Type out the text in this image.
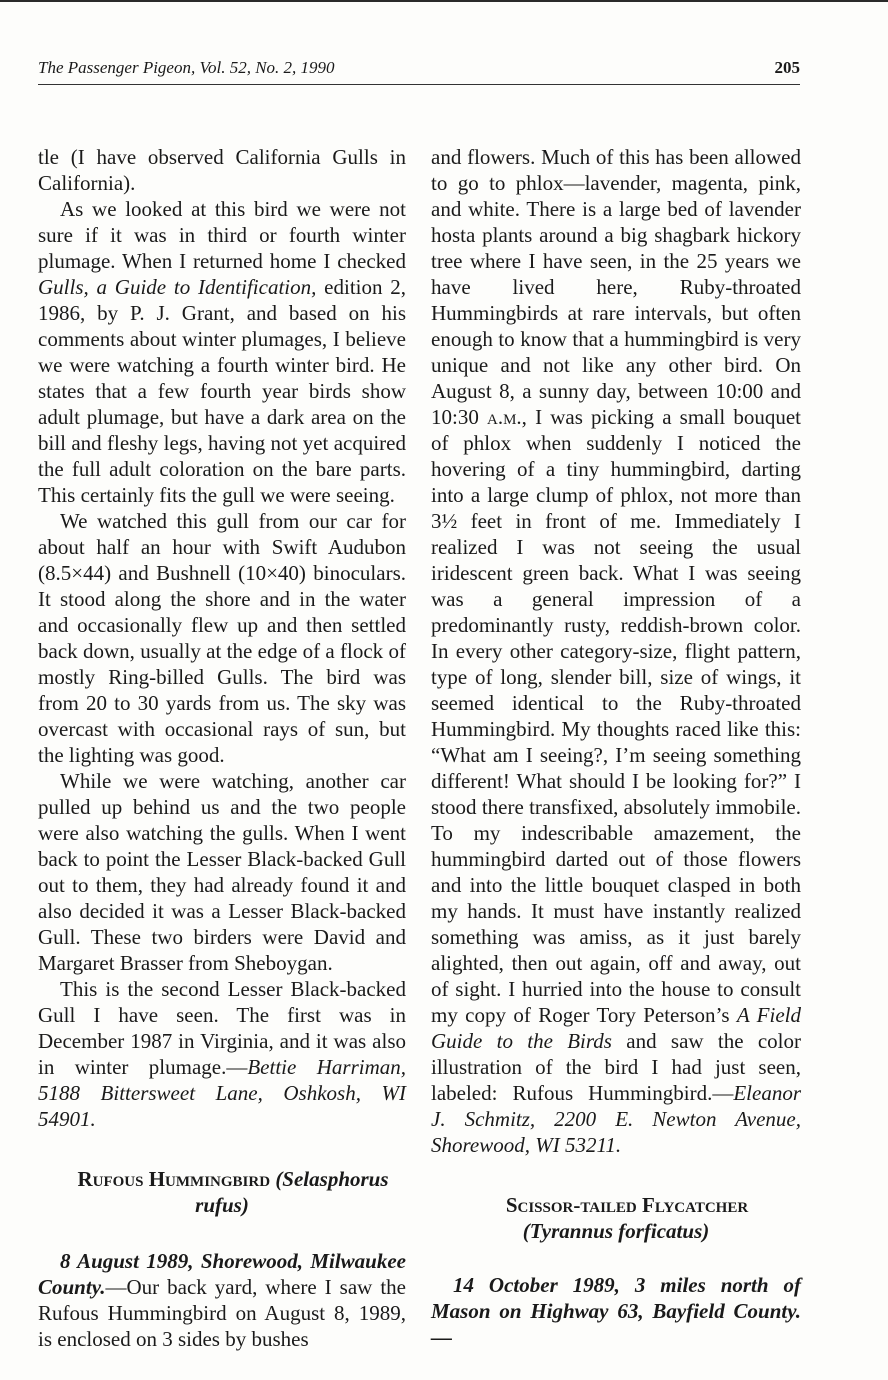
The Passenger Pigeon, Vol. 52, No. 2, 1990	205

tle (I have observed California Gulls in California).

As we looked at this bird we were not sure if it was in third or fourth winter plumage. When I returned home I checked Gulls, a Guide to Identification, edition 2, 1986, by P. J. Grant, and based on his comments about winter plumages, I believe we were watching a fourth winter bird. He states that a few fourth year birds show adult plumage, but have a dark area on the bill and fleshy legs, having not yet acquired the full adult coloration on the bare parts. This certainly fits the gull we were seeing.

We watched this gull from our car for about half an hour with Swift Audubon (8.5×44) and Bushnell (10×40) binoculars. It stood along the shore and in the water and occasionally flew up and then settled back down, usually at the edge of a flock of mostly Ring-billed Gulls. The bird was from 20 to 30 yards from us. The sky was overcast with occasional rays of sun, but the lighting was good.

While we were watching, another car pulled up behind us and the two people were also watching the gulls. When I went back to point the Lesser Black-backed Gull out to them, they had already found it and also decided it was a Lesser Black-backed Gull. These two birders were David and Margaret Brasser from Sheboygan.

This is the second Lesser Black-backed Gull I have seen. The first was in December 1987 in Virginia, and it was also in winter plumage.—Bettie Harriman, 5188 Bittersweet Lane, Oshkosh, WI 54901.

Rufous Hummingbird (Selasphorus rufus)

8 August 1989, Shorewood, Milwaukee County.—Our back yard, where I saw the Rufous Hummingbird on August 8, 1989, is enclosed on 3 sides by bushes

and flowers. Much of this has been allowed to go to phlox—lavender, magenta, pink, and white. There is a large bed of lavender hosta plants around a big shagbark hickory tree where I have seen, in the 25 years we have lived here, Ruby-throated Hummingbirds at rare intervals, but often enough to know that a hummingbird is very unique and not like any other bird. On August 8, a sunny day, between 10:00 and 10:30 a.m., I was picking a small bouquet of phlox when suddenly I noticed the hovering of a tiny hummingbird, darting into a large clump of phlox, not more than 3½ feet in front of me. Immediately I realized I was not seeing the usual iridescent green back. What I was seeing was a general impression of a predominantly rusty, reddish-brown color. In every other category-size, flight pattern, type of long, slender bill, size of wings, it seemed identical to the Ruby-throated Hummingbird. My thoughts raced like this: “What am I seeing?, I’m seeing something different! What should I be looking for?” I stood there transfixed, absolutely immobile. To my indescribable amazement, the hummingbird darted out of those flowers and into the little bouquet clasped in both my hands. It must have instantly realized something was amiss, as it just barely alighted, then out again, off and away, out of sight. I hurried into the house to consult my copy of Roger Tory Peterson’s A Field Guide to the Birds and saw the color illustration of the bird I had just seen, labeled: Rufous Hummingbird.—Eleanor J. Schmitz, 2200 E. Newton Avenue, Shorewood, WI 53211.

Scissor-tailed Flycatcher
(Tyrannus forficatus)

14 October 1989, 3 miles north of Mason on Highway 63, Bayfield County.—
